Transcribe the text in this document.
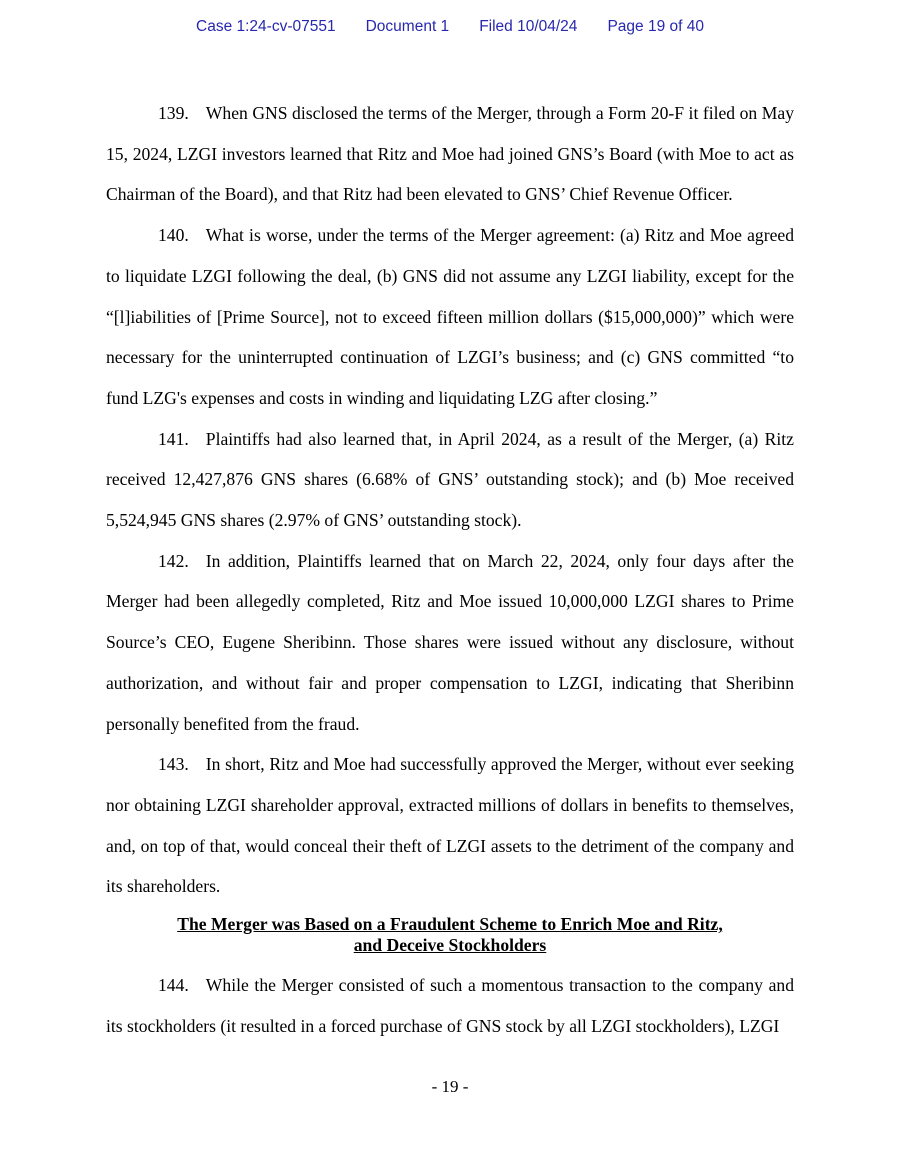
Case 1:24-cv-07551 Document 1 Filed 10/04/24 Page 19 of 40

139. When GNS disclosed the terms of the Merger, through a Form 20-F it filed on May 15, 2024, LZGI investors learned that Ritz and Moe had joined GNS’s Board (with Moe to act as Chairman of the Board), and that Ritz had been elevated to GNS’ Chief Revenue Officer.

140. What is worse, under the terms of the Merger agreement: (a) Ritz and Moe agreed to liquidate LZGI following the deal, (b) GNS did not assume any LZGI liability, except for the “[l]iabilities of [Prime Source], not to exceed fifteen million dollars ($15,000,000)” which were necessary for the uninterrupted continuation of LZGI’s business; and (c) GNS committed “to fund LZG's expenses and costs in winding and liquidating LZG after closing.”

141. Plaintiffs had also learned that, in April 2024, as a result of the Merger, (a) Ritz received 12,427,876 GNS shares (6.68% of GNS’ outstanding stock); and (b) Moe received 5,524,945 GNS shares (2.97% of GNS’ outstanding stock).

142. In addition, Plaintiffs learned that on March 22, 2024, only four days after the Merger had been allegedly completed, Ritz and Moe issued 10,000,000 LZGI shares to Prime Source’s CEO, Eugene Sheribinn. Those shares were issued without any disclosure, without authorization, and without fair and proper compensation to LZGI, indicating that Sheribinn personally benefited from the fraud.

143. In short, Ritz and Moe had successfully approved the Merger, without ever seeking nor obtaining LZGI shareholder approval, extracted millions of dollars in benefits to themselves, and, on top of that, would conceal their theft of LZGI assets to the detriment of the company and its shareholders.

The Merger was Based on a Fraudulent Scheme to Enrich Moe and Ritz,
and Deceive Stockholders

144. While the Merger consisted of such a momentous transaction to the company and its stockholders (it resulted in a forced purchase of GNS stock by all LZGI stockholders), LZGI

- 19 -
